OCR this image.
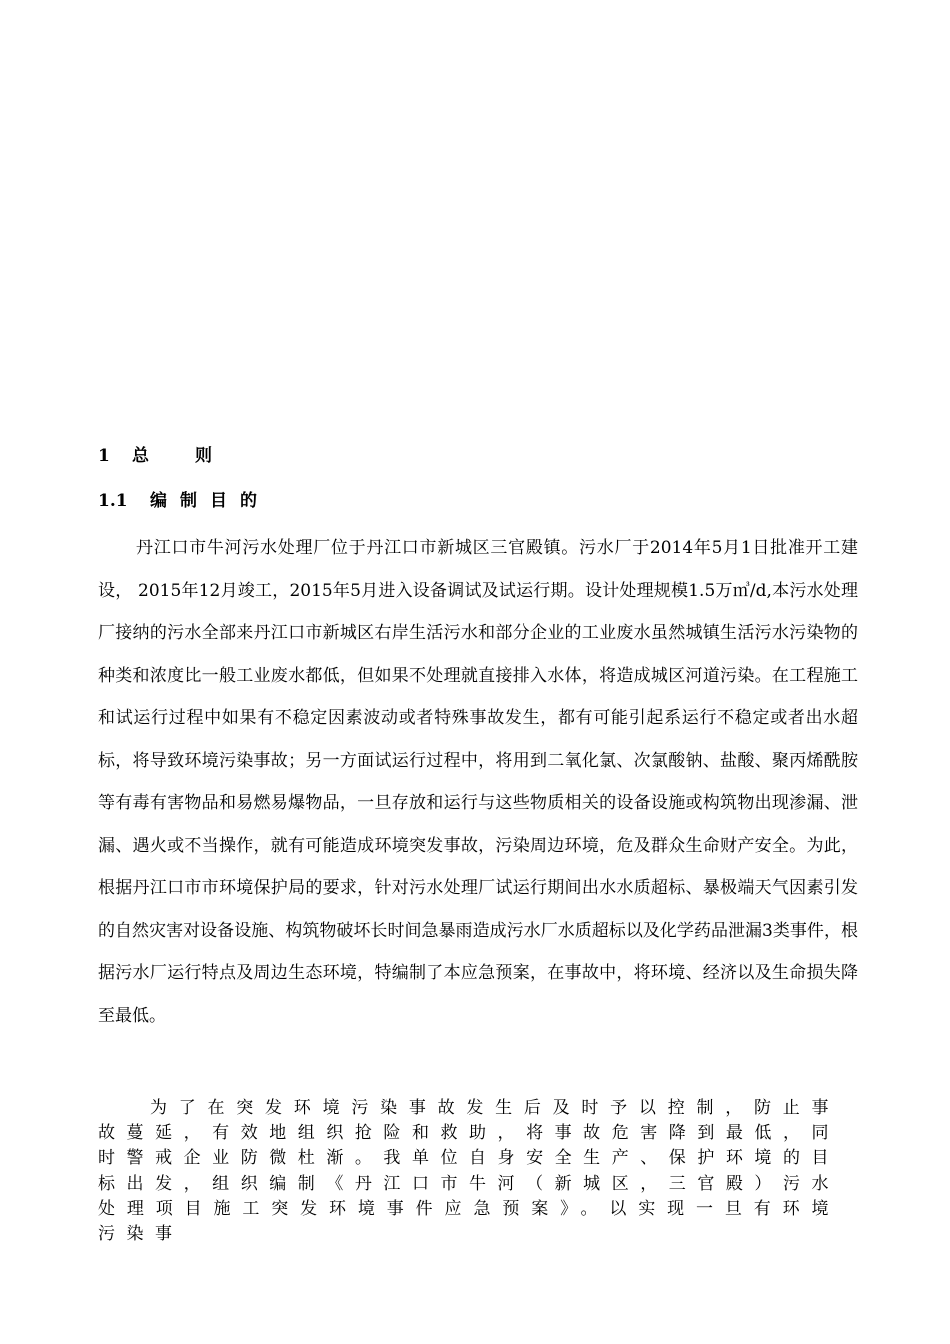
1 总则
1.1 编制目的

丹江口市牛河污水处理厂位于丹江口市新城区三官殿镇。污水厂于2014年5月1日批准开工建设， 2015年12月竣工，2015年5月进入设备调试及试运行期。设计处理规模1.5万㎥/d,本污水处理厂接纳的污水全部来丹江口市新城区右岸生活污水和部分企业的工业废水虽然城镇生活污水污染物的种类和浓度比一般工业废水都低，但如果不处理就直接排入水体，将造成城区河道污染。在工程施工和试运行过程中如果有不稳定因素波动或者特殊事故发生，都有可能引起系运行不稳定或者出水超标，将导致环境污染事故；另一方面试运行过程中，将用到二氧化氯、次氯酸钠、盐酸、聚丙烯酰胺等有毒有害物品和易燃易爆物品，一旦存放和运行与这些物质相关的设备设施或构筑物出现渗漏、泄漏、遇火或不当操作，就有可能造成环境突发事故，污染周边环境，危及群众生命财产安全。为此，根据丹江口市市环境保护局的要求，针对污水处理厂试运行期间出水水质超标、暴极端天气因素引发的自然灾害对设备设施、构筑物破坏长时间急暴雨造成污水厂水质超标以及化学药品泄漏3类事件，根据污水厂运行特点及周边生态环境，特编制了本应急预案，在事故中，将环境、经济以及生命损失降至最低。

为了在突发环境污染事故发生后及时予以控制，防止事故蔓延，有效地组织抢险和救助，将事故危害降到最低，同时警戒企业防微杜渐。我单位自身安全生产、保护环境的目标出发，组织编制《丹江口市牛河（新城区，三官殿）污水处理项目施工突发环境事件应急预案》。以实现一旦有环境污染事
